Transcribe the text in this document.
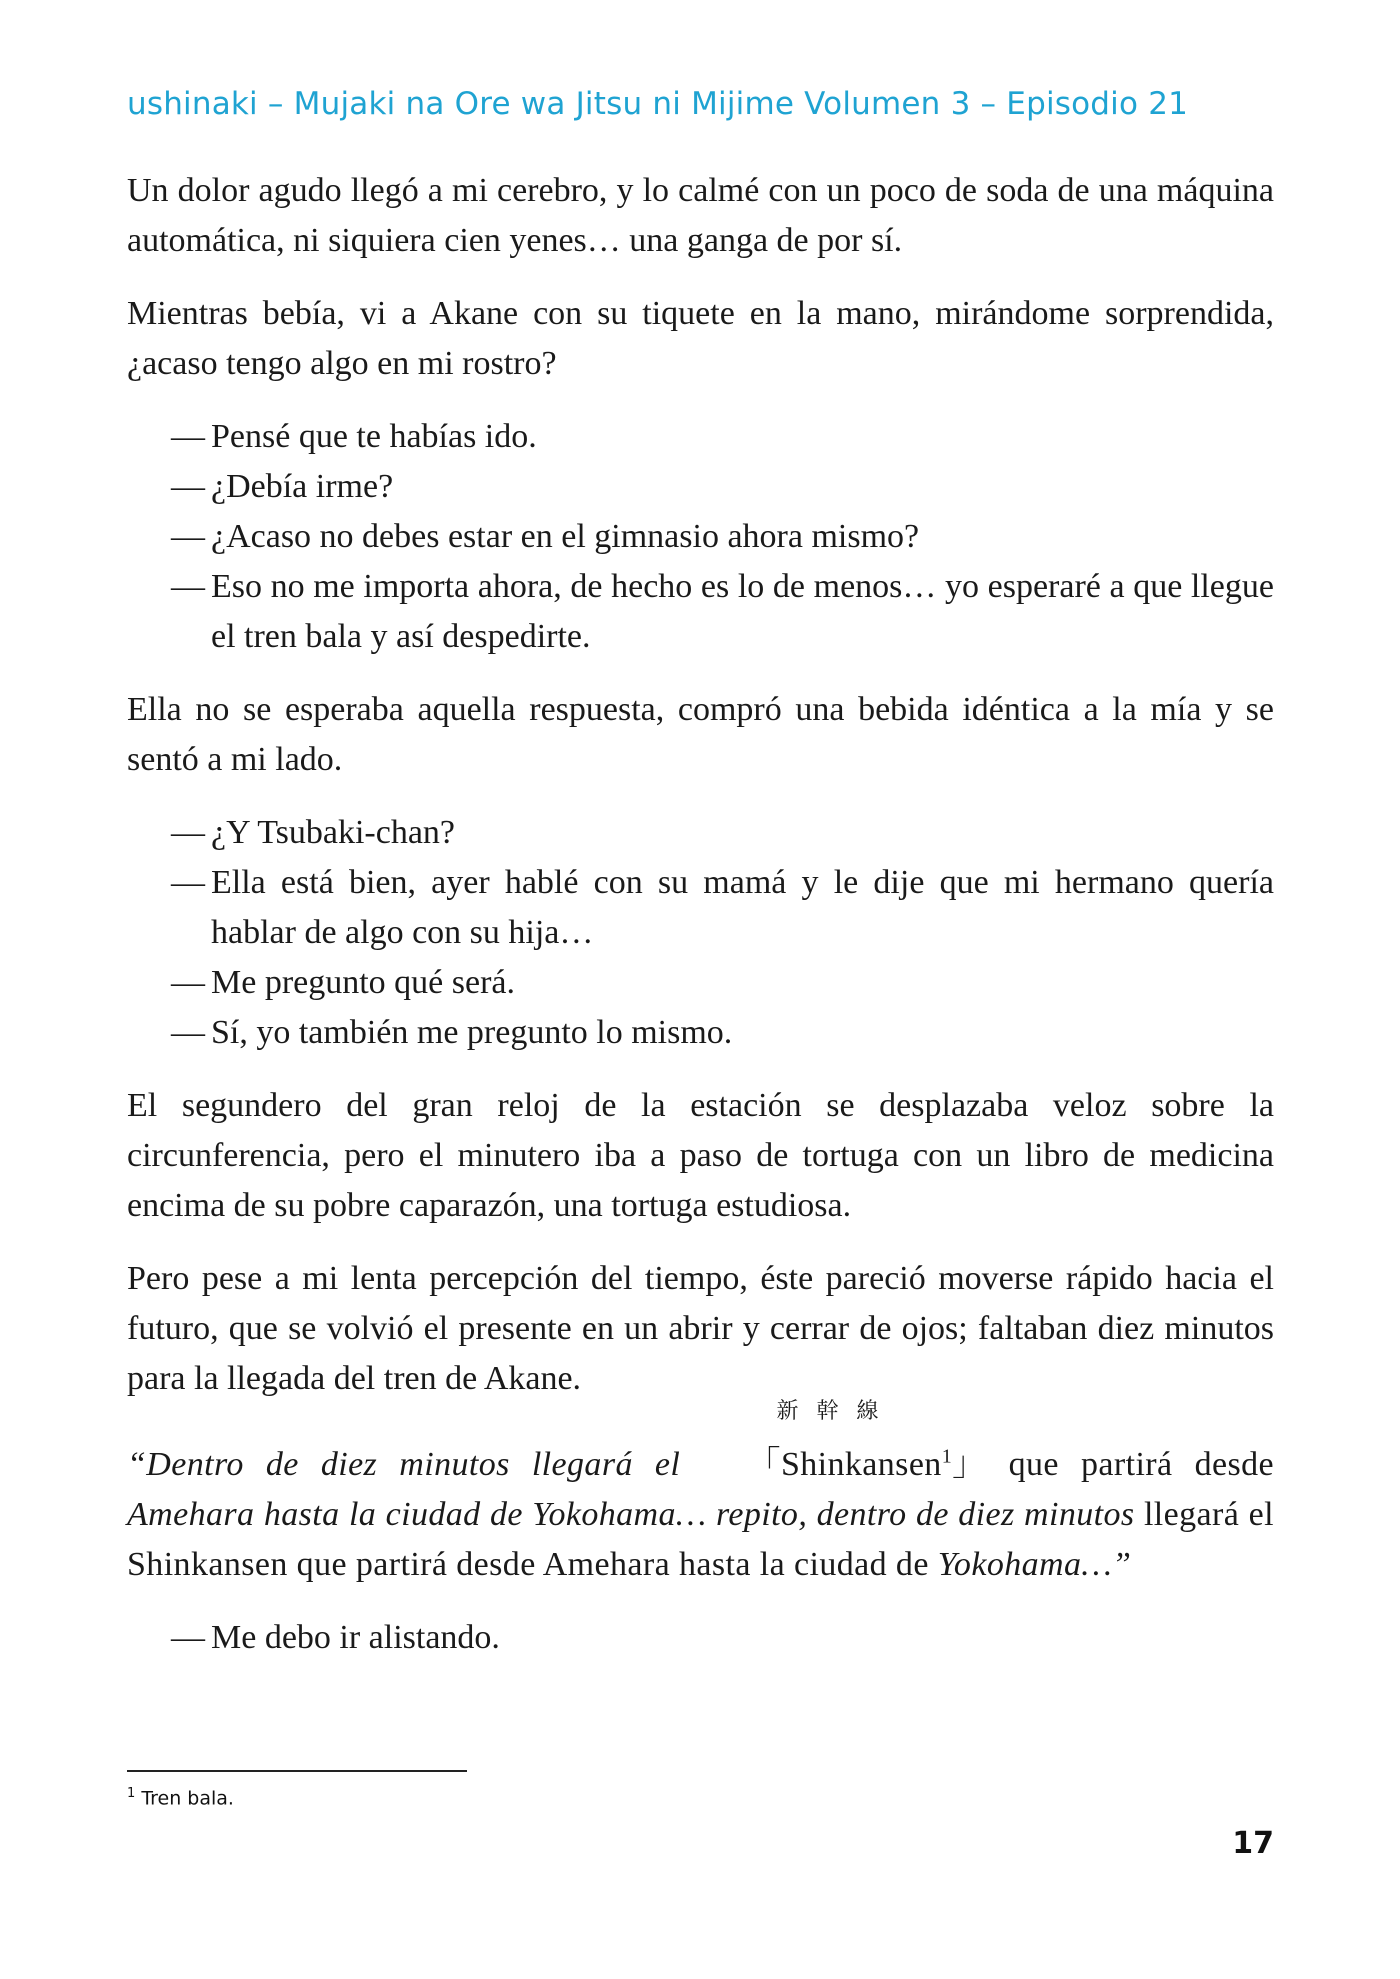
ushinaki – Mujaki na Ore wa Jitsu ni Mijime Volumen 3 – Episodio 21

Un dolor agudo llegó a mi cerebro, y lo calmé con un poco de soda de una máquina automática, ni siquiera cien yenes… una ganga de por sí.

Mientras bebía, vi a Akane con su tiquete en la mano, mirándome sorprendida, ¿acaso tengo algo en mi rostro?

— Pensé que te habías ido.
— ¿Debía irme?
— ¿Acaso no debes estar en el gimnasio ahora mismo?
— Eso no me importa ahora, de hecho es lo de menos… yo esperaré a que llegue el tren bala y así despedirte.

Ella no se esperaba aquella respuesta, compró una bebida idéntica a la mía y se sentó a mi lado.

— ¿Y Tsubaki-chan?
— Ella está bien, ayer hablé con su mamá y le dije que mi hermano quería hablar de algo con su hija…
— Me pregunto qué será.
— Sí, yo también me pregunto lo mismo.

El segundero del gran reloj de la estación se desplazaba veloz sobre la circunferencia, pero el minutero iba a paso de tortuga con un libro de medicina encima de su pobre caparazón, una tortuga estudiosa.

Pero pese a mi lenta percepción del tiempo, éste pareció moverse rápido hacia el futuro, que se volvió el presente en un abrir y cerrar de ojos; faltaban diez minutos para la llegada del tren de Akane.

“Dentro de diez minutos llegará el
新幹線
「Shinkansen$^1$」 que partirá desde
Amehara hasta la ciudad de Yokohama… repito, dentro de diez minutos llegará el Shinkansen que partirá desde Amehara hasta la ciudad de Yokohama…”
— Me debo ir alistando.
$^1$ Tren bala.
17
